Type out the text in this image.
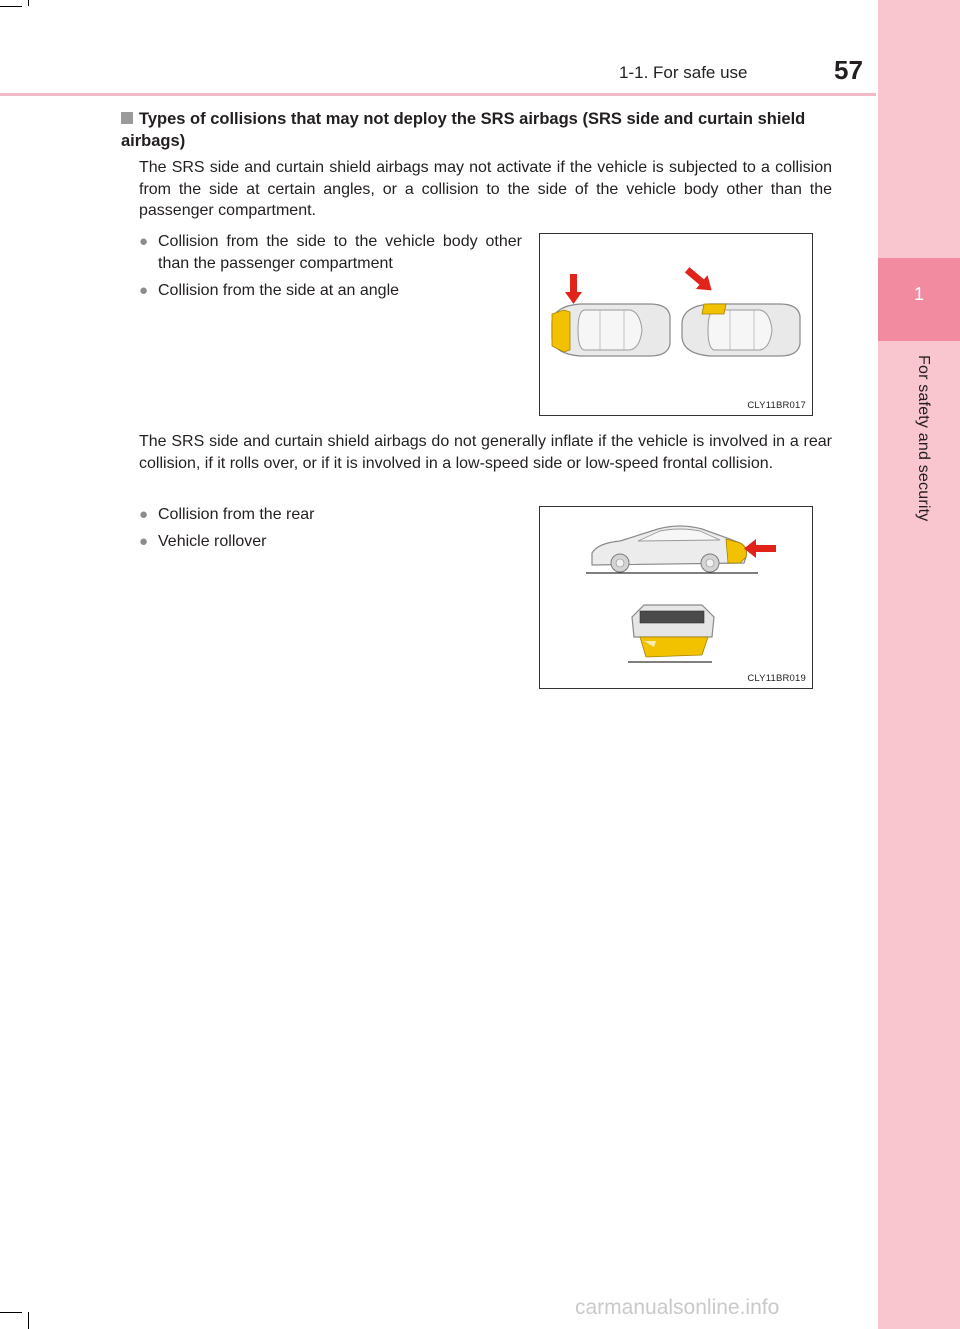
1
For safety and security
1-1. For safe use	57
Types of collisions that may not deploy the SRS airbags (SRS side and curtain shield airbags)
The SRS side and curtain shield airbags may not activate if the vehicle is subjected to a collision from the side at certain angles, or a collision to the side of the vehicle body other than the passenger compartment.
● Collision from the side to the vehicle body other than the passenger compartment
● Collision from the side at an angle
CLY11BR017
The SRS side and curtain shield airbags do not generally inflate if the vehicle is involved in a rear collision, if it rolls over, or if it is involved in a low-speed side or low-speed frontal collision.
● Collision from the rear
● Vehicle rollover
CLY11BR019
carmanualsonline.info
